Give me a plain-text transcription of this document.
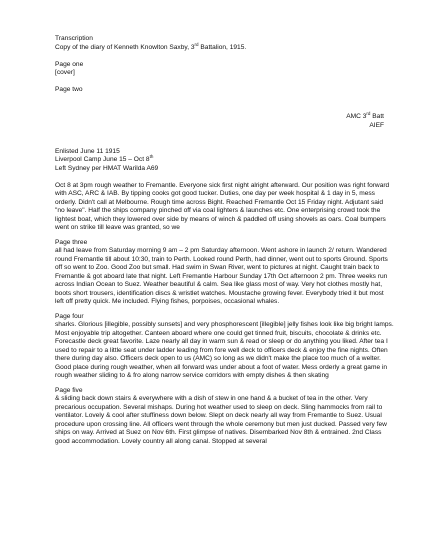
Transcription
Copy of the diary of Kenneth Knowlton Saxby, 3rd Battalion, 1915.
Page one
[cover]
Page two
AMC 3rd Batt
AIEF
Enlisted June 11 1915
Liverpool Camp June 15 – Oct 8th
Left Sydney per HMAT Warilda A69
Oct 8 at 3pm rough weather to Fremantle. Everyone sick first night alright afterward. Our position was right forward with ASC, ARC & IAB. By tipping cooks got good tucker. Duties, one day per week hospital & 1 day in 5, mess orderly. Didn't call at Melbourne. Rough time across Bight. Reached Fremantle Oct 15 Friday night. Adjutant said "no leave". Half the ships company pinched off via coal lighters & launches etc. One enterprising crowd took the lightest boat, which they lowered over side by means of winch & paddled off using shovels as oars. Coal bumpers went on strike till leave was granted, so we
Page three
all had leave from Saturday morning 9 am – 2 pm Saturday afternoon. Went ashore in launch 2/ return. Wandered round Fremantle till about 10:30, train to Perth. Looked round Perth, had dinner, went out to sports Ground. Sports off so went to Zoo. Good Zoo but small. Had swim in Swan River, went to pictures at night. Caught train back to Fremantle & got aboard late that night. Left Fremantle Harbour Sunday 17th Oct afternoon 2 pm. Three weeks run across Indian Ocean to Suez. Weather beautiful & calm. Sea like glass most of way. Very hot clothes mostly hat, boots short trousers, identification discs & wristlet watches. Moustache growing fever. Everybody tried it but most left off pretty quick. Me included. Flying fishes, porpoises, occasional whales.
Page four
sharks. Glorious [illegible, possibly sunsets] and very phosphorescent [illegible] jelly fishes look like big bright lamps. Most enjoyable trip altogether. Canteen aboard where one could get tinned fruit, biscuits, chocolate & drinks etc. Forecastle deck great favorite. Laze nearly all day in warm sun & read or sleep or do anything you liked. After tea I used to repair to a little seat under ladder leading from fore well deck to officers deck & enjoy the fine nights. Often there during day also. Officers deck open to us (AMC) so long as we didn't make the place too much of a welter. Good place during rough weather, when all forward was under about a foot of water. Mess orderly a great game in rough weather sliding to & fro along narrow service corridors with empty dishes & then skating
Page five
& sliding back down stairs & everywhere with a dish of stew in one hand & a bucket of tea in the other. Very precarious occupation. Several mishaps. During hot weather used to sleep on deck. Sling hammocks from rail to ventilator. Lovely & cool after stuffiness down below. Slept on deck nearly all way from Fremantle to Suez. Usual procedure upon crossing line. All officers went through the whole ceremony but men just ducked. Passed very few ships on way. Arrived at Suez on Nov 6th. First glimpse of natives. Disembarked Nov 8th & entrained. 2nd Class good accommodation. Lovely country all along canal. Stopped at several
